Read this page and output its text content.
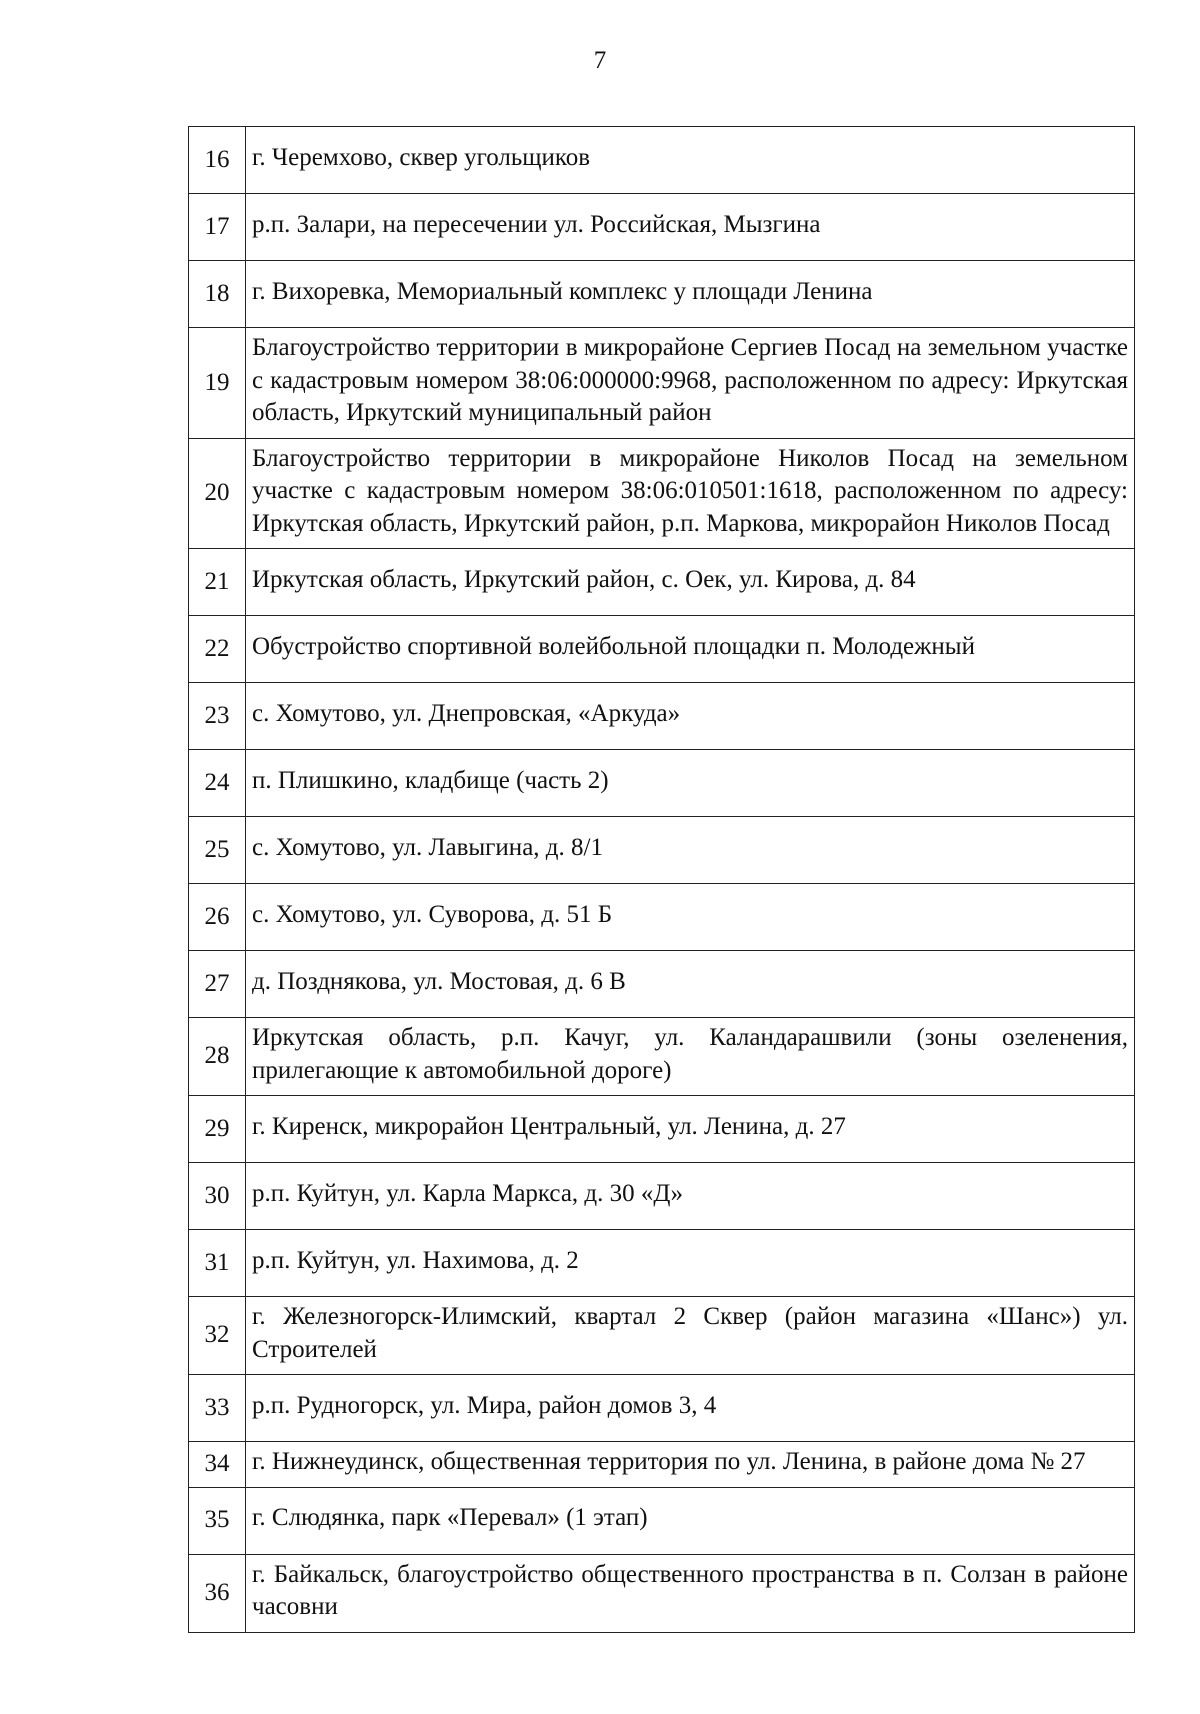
7
16	г. Черемхово, сквер угольщиков
17	р.п. Залари, на пересечении ул. Российская, Мызгина
18	г. Вихоревка, Мемориальный комплекс у площади Ленина
19	Благоустройство территории в микрорайоне Сергиев Посад на земельном участке с кадастровым номером 38:06:000000:9968, расположенном по адресу: Иркутская область, Иркутский муниципальный район
20	Благоустройство территории в микрорайоне Николов Посад на земельном участке с кадастровым номером 38:06:010501:1618, расположенном по адресу: Иркутская область, Иркутский район, р.п. Маркова, микрорайон Николов Посад
21	Иркутская область, Иркутский район, с. Оек, ул. Кирова, д. 84
22	Обустройство спортивной волейбольной площадки п. Молодежный
23	с. Хомутово, ул. Днепровская, «Аркуда»
24	п. Плишкино, кладбище (часть 2)
25	с. Хомутово, ул. Лавыгина, д. 8/1
26	с. Хомутово, ул. Суворова, д. 51 Б
27	д. Позднякова, ул. Мостовая, д. 6 В
28	Иркутская область, р.п. Качуг, ул. Каландарашвили (зоны озеленения, прилегающие к автомобильной дороге)
29	г. Киренск, микрорайон Центральный, ул. Ленина, д. 27
30	р.п. Куйтун, ул. Карла Маркса, д. 30 «Д»
31	р.п. Куйтун, ул. Нахимова, д. 2
32	г. Железногорск-Илимский, квартал 2 Сквер (район магазина «Шанс») ул. Строителей
33	р.п. Рудногорск, ул. Мира, район домов 3, 4
34	г. Нижнеудинск, общественная территория по ул. Ленина, в районе дома № 27
35	г. Слюдянка, парк «Перевал» (1 этап)
36	г. Байкальск, благоустройство общественного пространства в п. Солзан в районе часовни
